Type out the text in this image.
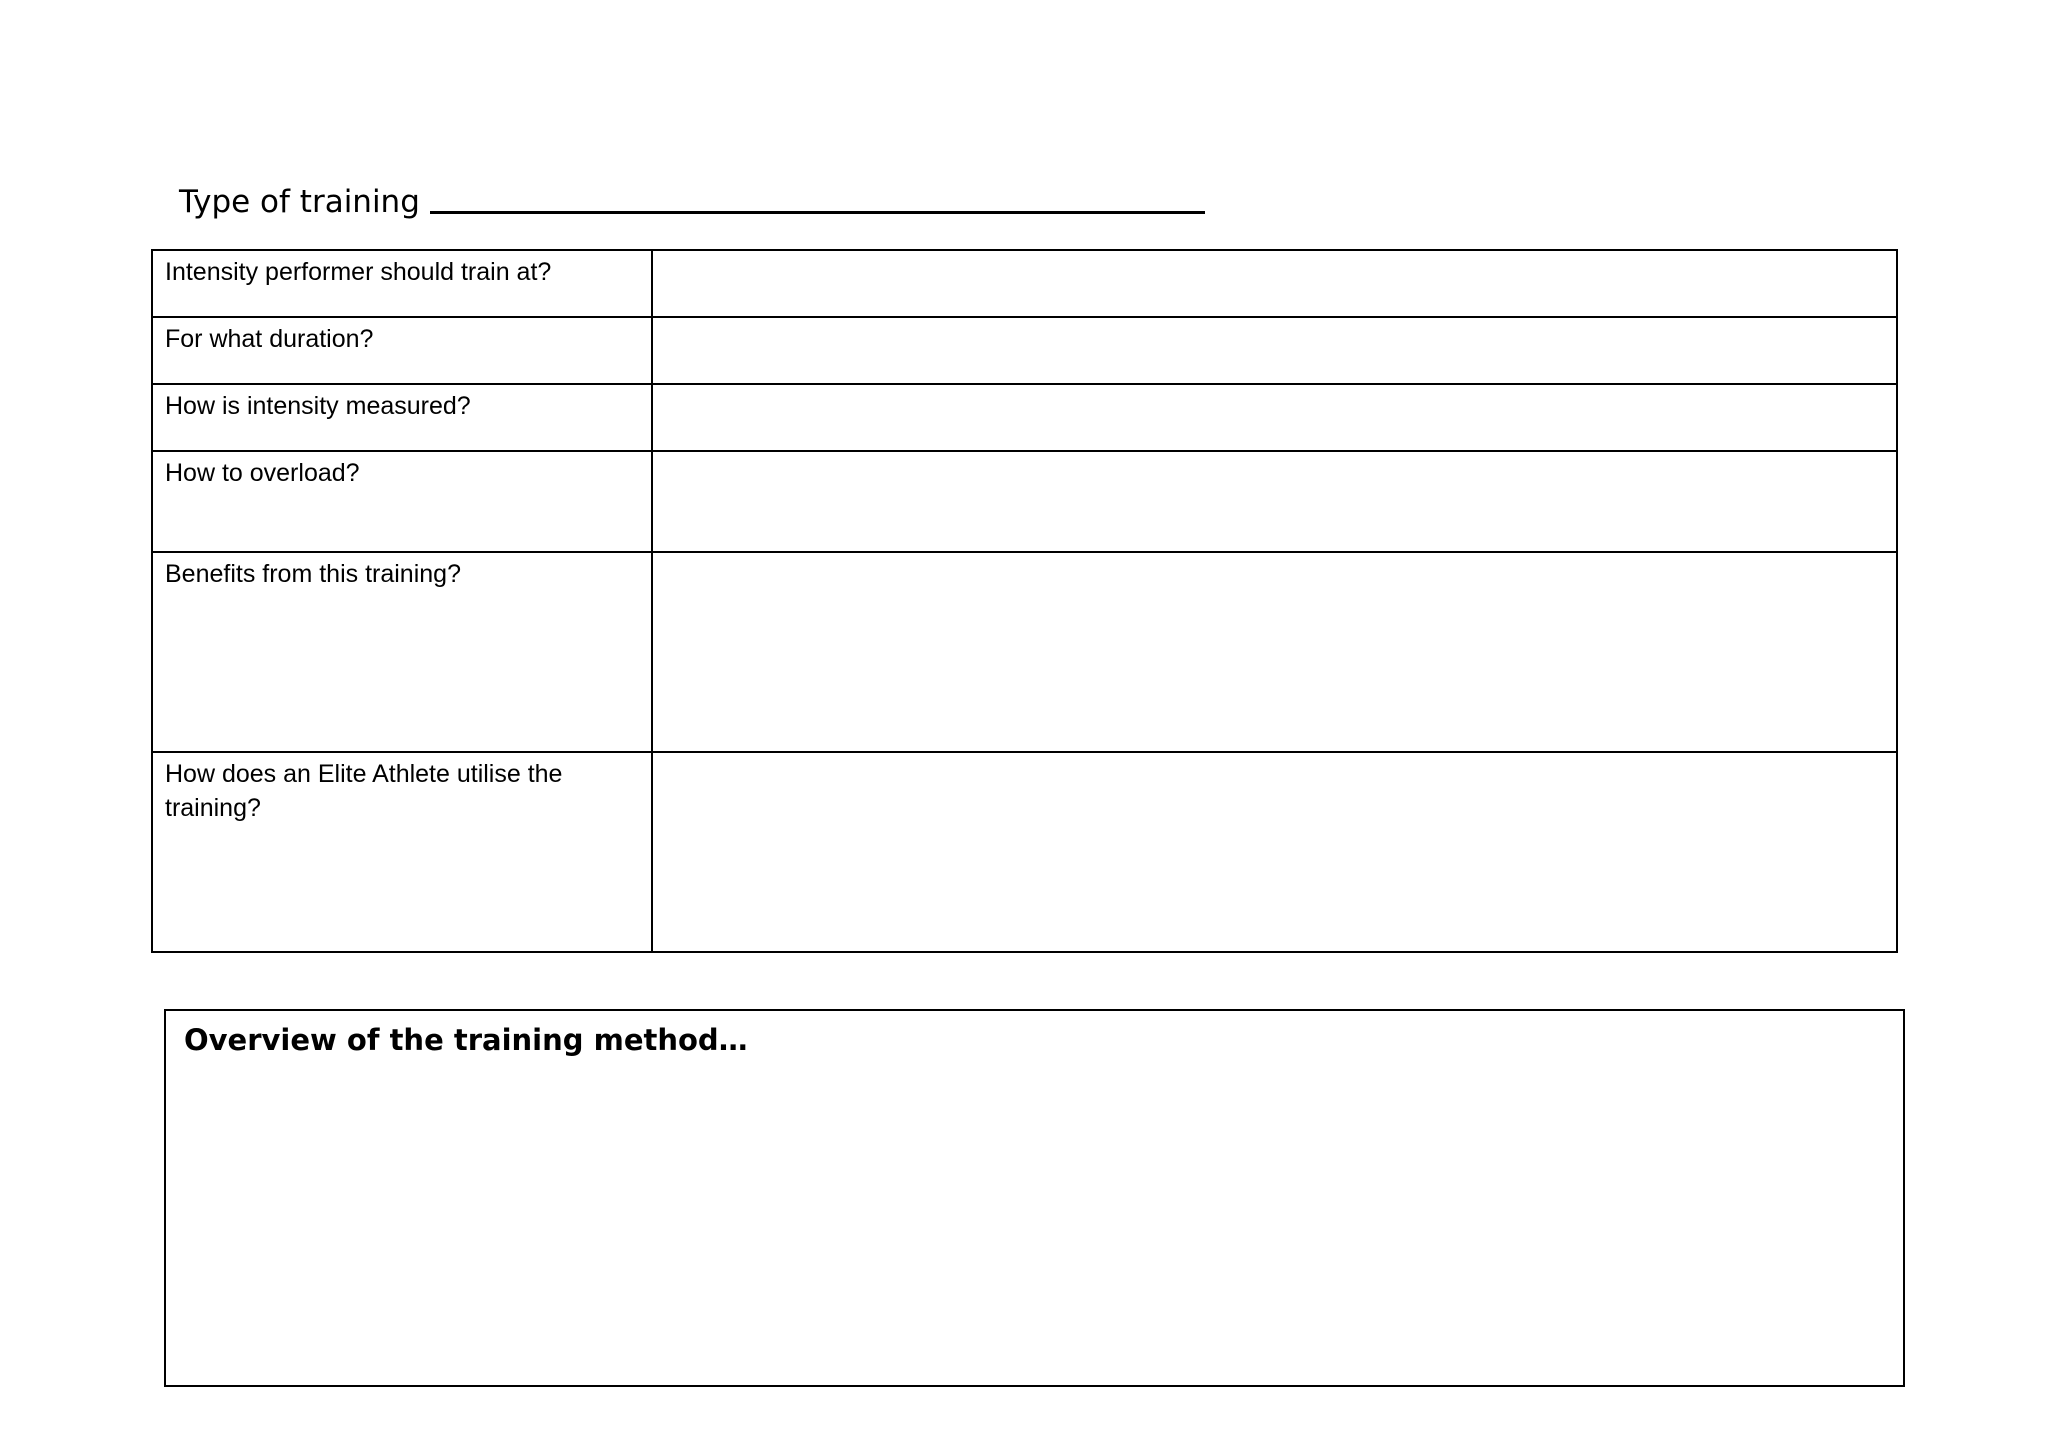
Type of training
Intensity performer should train at?	
For what duration?	
How is intensity measured?	
How to overload?	
Benefits from this training?	
How does an Elite Athlete utilise the training?	
Overview of the training method…
